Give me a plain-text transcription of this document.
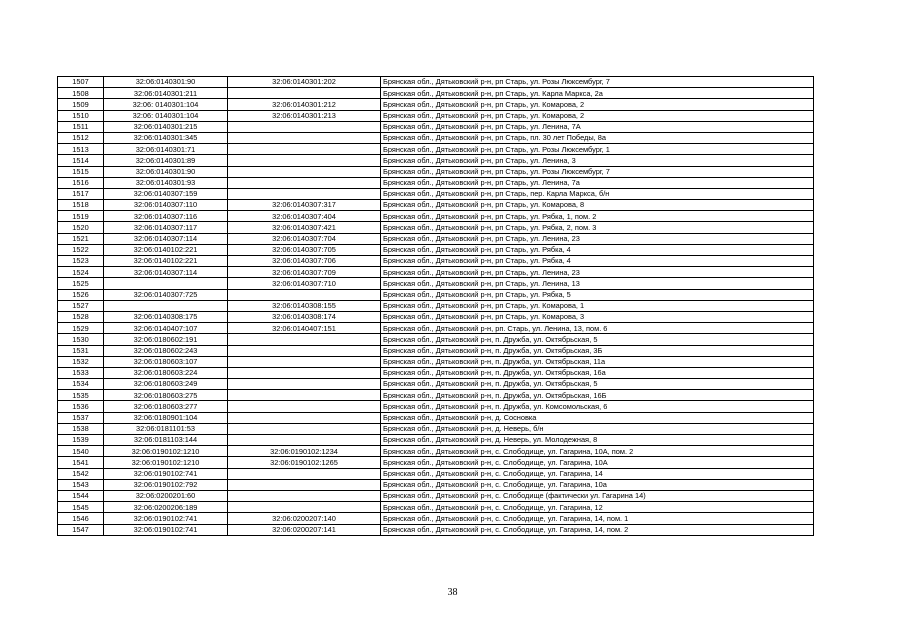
1507	32:06:0140301:90	32:06:0140301:202	Брянская обл., Дятьковский р-н, рп Старь, ул. Розы Люксембург, 7
1508	32:06:0140301:211		Брянская обл., Дятьковский р-н, рп Старь, ул. Карла Маркса, 2а
1509	32:06: 0140301:104	32:06:0140301:212	Брянская обл., Дятьковский р-н, рп Старь, ул. Комарова, 2
1510	32:06: 0140301:104	32:06:0140301:213	Брянская обл., Дятьковский р-н, рп Старь, ул. Комарова, 2
1511	32:06:0140301:215		Брянская обл., Дятьковский р-н, рп Старь, ул. Ленина, 7А
1512	32:06:0140301:345		Брянская обл., Дятьковский р-н, рп Старь, пл. 30 лет Победы, 8а
1513	32:06:0140301:71		Брянская обл., Дятьковский р-н, рп Старь, ул. Розы Люксембург, 1
1514	32:06:0140301:89		Брянская обл., Дятьковский р-н, рп Старь, ул. Ленина, 3
1515	32:06:0140301:90		Брянская обл., Дятьковский р-н, рп Старь, ул. Розы Люксембург, 7
1516	32:06:0140301:93		Брянская обл., Дятьковский р-н, рп Старь, ул. Ленина, 7а
1517	32:06:0140307:159		Брянская обл., Дятьковский р-н, рп Старь, пер. Карла Маркса, б/н
1518	32:06:0140307:110	32:06:0140307:317	Брянская обл., Дятьковский р-н, рп Старь, ул. Комарова, 8
1519	32:06:0140307:116	32:06:0140307:404	Брянская обл., Дятьковский р-н, рп Старь, ул. Рябка, 1, пом. 2
1520	32:06:0140307:117	32:06:0140307:421	Брянская обл., Дятьковский р-н, рп Старь, ул. Рябка, 2, пом. 3
1521	32:06:0140307:114	32:06:0140307:704	Брянская обл., Дятьковский р-н, рп Старь, ул. Ленина, 23
1522	32:06:0140102:221	32:06:0140307:705	Брянская обл., Дятьковский р-н, рп Старь, ул. Рябка, 4
1523	32:06:0140102:221	32:06:0140307:706	Брянская обл., Дятьковский р-н, рп Старь, ул. Рябка, 4
1524	32:06:0140307:114	32:06:0140307:709	Брянская обл., Дятьковский р-н, рп Старь, ул. Ленина, 23
1525		32:06:0140307:710	Брянская обл., Дятьковский р-н, рп Старь, ул. Ленина, 13
1526	32:06:0140307:725		Брянская обл., Дятьковский р-н, рп Старь, ул. Рябка, 5
1527		32:06:0140308:155	Брянская обл., Дятьковский р-н, рп Старь, ул. Комарова, 1
1528	32:06:0140308:175	32:06:0140308:174	Брянская обл., Дятьковский р-н, рп Старь, ул. Комарова, 3
1529	32:06:0140407:107	32:06:0140407:151	Брянская обл., Дятьковский р-н, рп. Старь, ул. Ленина, 13, пом. 6
1530	32:06:0180602:191		Брянская обл., Дятьковский р-н, п. Дружба, ул. Октябрьская, 5
1531	32:06:0180602:243		Брянская обл., Дятьковский р-н, п. Дружба, ул. Октябрьская, 3Б
1532	32:06:0180603:107		Брянская обл., Дятьковский р-н, п. Дружба, ул. Октябрьская, 11а
1533	32:06:0180603:224		Брянская обл., Дятьковский р-н, п. Дружба, ул. Октябрьская, 16а
1534	32:06:0180603:249		Брянская обл., Дятьковский р-н, п. Дружба, ул. Октябрьская, 5
1535	32:06:0180603:275		Брянская обл., Дятьковский р-н, п. Дружба, ул. Октябрьская, 16Б
1536	32:06:0180603:277		Брянская обл., Дятьковский р-н, п. Дружба, ул. Комсомольская, 6
1537	32:06:0180901:104		Брянская обл., Дятьковский р-н, д. Сосновка
1538	32:06:0181101:53		Брянская обл., Дятьковский р-н, д. Неверь, б/н
1539	32:06:0181103:144		Брянская обл., Дятьковский р-н, д. Неверь, ул. Молодежная, 8
1540	32:06:0190102:1210	32:06:0190102:1234	Брянская обл., Дятьковский р-н, с. Слободище, ул. Гагарина, 10А, пом. 2
1541	32:06:0190102:1210	32:06:0190102:1265	Брянская обл., Дятьковский р-н, с. Слободище, ул. Гагарина, 10А
1542	32:06:0190102:741		Брянская обл., Дятьковский р-н, с. Слободище, ул. Гагарина, 14
1543	32:06:0190102:792		Брянская обл., Дятьковский р-н, с. Слободище, ул. Гагарина, 10а
1544	32:06:0200201:60		Брянская обл., Дятьковский р-н, с. Слободище (фактически ул. Гагарина 14)
1545	32:06:0200206:189		Брянская обл., Дятьковский р-н, с. Слободище, ул. Гагарина, 12
1546	32:06:0190102:741	32:06:0200207:140	Брянская обл., Дятьковский р-н, с. Слободище, ул. Гагарина, 14, пом. 1
1547	32:06:0190102:741	32:06:0200207:141	Брянская обл., Дятьковский р-н, с. Слободище, ул. Гагарина, 14, пом. 2
38
